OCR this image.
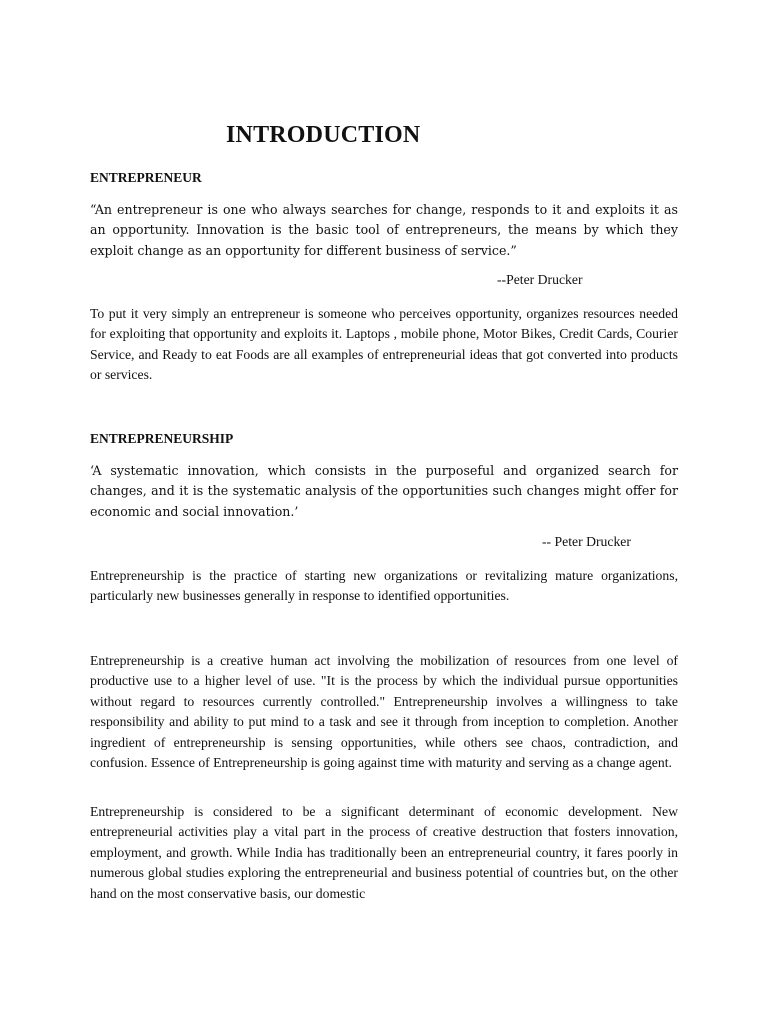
INTRODUCTION
ENTREPRENEUR

“An entrepreneur is one who always searches for change, responds to it and exploits it as an opportunity. Innovation is the basic tool of entrepreneurs, the means by which they exploit change as an opportunity for different business of service.”

--Peter Drucker

To put it very simply an entrepreneur is someone who perceives opportunity, organizes resources needed for exploiting that opportunity and exploits it. Laptops , mobile phone, Motor Bikes, Credit Cards, Courier Service, and Ready to eat Foods are all examples of entrepreneurial ideas that got converted into products or services.

ENTREPRENEURSHIP

‘A systematic innovation, which consists in the purposeful and organized search for changes, and it is the systematic analysis of the opportunities such changes might offer for economic and social innovation.’

-- Peter Drucker

Entrepreneurship is the practice of starting new organizations or revitalizing mature organizations, particularly new businesses generally in response to identified opportunities.

Entrepreneurship is a creative human act involving the mobilization of resources from one level of productive use to a higher level of use. "It is the process by which the individual pursue opportunities without regard to resources currently controlled." Entrepreneurship involves a willingness to take responsibility and ability to put mind to a task and see it through from inception to completion. Another ingredient of entrepreneurship is sensing opportunities, while others see chaos, contradiction, and confusion. Essence of Entrepreneurship is going against time with maturity and serving as a change agent.

Entrepreneurship is considered to be a significant determinant of economic development. New entrepreneurial activities play a vital part in the process of creative destruction that fosters innovation, employment, and growth. While India has traditionally been an entrepreneurial country, it fares poorly in numerous global studies exploring the entrepreneurial and business potential of countries but, on the other hand on the most conservative basis, our domestic
